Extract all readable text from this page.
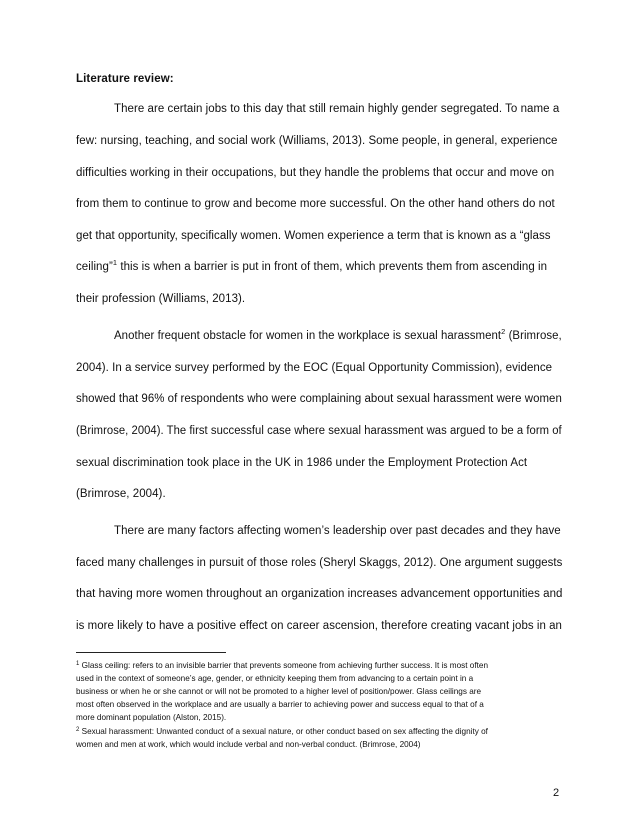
Literature review:
There are certain jobs to this day that still remain highly gender segregated. To name a
few: nursing, teaching, and social work (Williams, 2013). Some people, in general, experience
difficulties working in their occupations, but they handle the problems that occur and move on
from them to continue to grow and become more successful. On the other hand others do not
get that opportunity, specifically women. Women experience a term that is known as a “glass
ceiling”$^1$ this is when a barrier is put in front of them, which prevents them from ascending in
their profession (Williams, 2013).
Another frequent obstacle for women in the workplace is sexual harassment$^2$ (Brimrose,
2004). In a service survey performed by the EOC (Equal Opportunity Commission), evidence
showed that 96% of respondents who were complaining about sexual harassment were women
(Brimrose, 2004). The first successful case where sexual harassment was argued to be a form of
sexual discrimination took place in the UK in 1986 under the Employment Protection Act
(Brimrose, 2004).
There are many factors affecting women’s leadership over past decades and they have
faced many challenges in pursuit of those roles (Sheryl Skaggs, 2012). One argument suggests
that having more women throughout an organization increases advancement opportunities and
is more likely to have a positive effect on career ascension, therefore creating vacant jobs in an
$^1$ Glass ceiling: refers to an invisible barrier that prevents someone from achieving further success. It is most often
used in the context of someone’s age, gender, or ethnicity keeping them from advancing to a certain point in a
business or when he or she cannot or will not be promoted to a higher level of position/power. Glass ceilings are
most often observed in the workplace and are usually a barrier to achieving power and success equal to that of a
more dominant population (Alston, 2015).
$^2$ Sexual harassment: Unwanted conduct of a sexual nature, or other conduct based on sex affecting the dignity of
women and men at work, which would include verbal and non-verbal conduct. (Brimrose, 2004)
2
